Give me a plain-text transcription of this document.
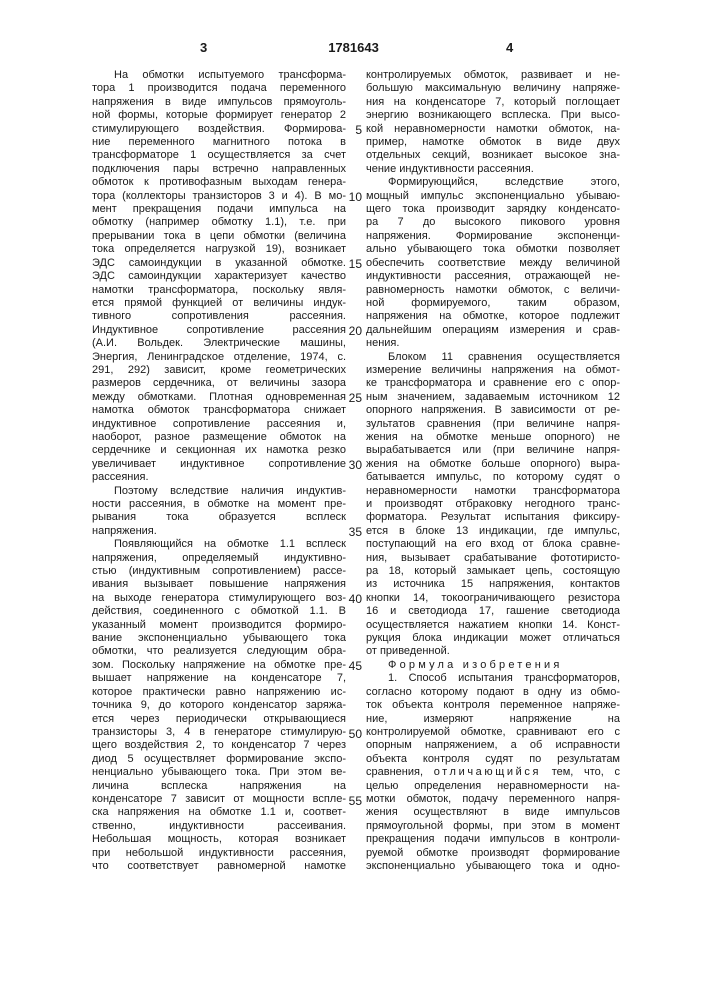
3	1781643	4
На обмотки испытуемого трансформа-
тора 1 производится подача переменного
напряжения в виде импульсов прямоуголь-
ной формы, которые формирует генератор 2
стимулирующего воздействия. Формирова-
ние переменного магнитного потока в
трансформаторе 1 осуществляется за счет
подключения пары встречно направленных
обмоток к противофазным выходам генера-
тора (коллекторы транзисторов 3 и 4). В мо-
мент прекращения подачи импульса на
обмотку (например обмотку 1.1), т.е. при
прерывании тока в цепи обмотки (величина
тока определяется нагрузкой 19), возникает
ЭДС самоиндукции в указанной обмотке.
ЭДС самоиндукции характеризует качество
намотки трансформатора, поскольку явля-
ется прямой функцией от величины индук-
тивного сопротивления рассеяния.
Индуктивное сопротивление рассеяния
(А.И. Вольдек. Электрические машины,
Энергия, Ленинградское отделение, 1974, с.
291, 292) зависит, кроме геометрических
размеров сердечника, от величины зазора
между обмотками. Плотная одновременная
намотка обмоток трансформатора снижает
индуктивное сопротивление рассеяния и,
наоборот, разное размещение обмоток на
сердечнике и секционная их намотка резко
увеличивает индуктивное сопротивление
рассеяния.
Поэтому вследствие наличия индуктив-
ности рассеяния, в обмотке на момент пре-
рывания тока образуется всплеск
напряжения.
Появляющийся на обмотке 1.1 всплеск
напряжения, определяемый индуктивно-
стью (индуктивным сопротивлением) рассе-
ивания вызывает повышение напряжения
на выходе генератора стимулирующего воз-
действия, соединенного с обмоткой 1.1. В
указанный момент производится формиро-
вание экспоненциально убывающего тока
обмотки, что реализуется следующим обра-
зом. Поскольку напряжение на обмотке пре-
вышает напряжение на конденсаторе 7,
которое практически равно напряжению ис-
точника 9, до которого конденсатор заряжа-
ется через периодически открывающиеся
транзисторы 3, 4 в генераторе стимулирую-
щего воздействия 2, то конденсатор 7 через
диод 5 осуществляет формирование экспо-
ненциально убывающего тока. При этом ве-
личина всплеска напряжения на
конденсаторе 7 зависит от мощности вспле-
ска напряжения на обмотке 1.1 и, соответ-
ственно, индуктивности рассеивания.
Небольшая мощность, которая возникает
при небольшой индуктивности рассеяния,
что соответствует равномерной намотке
5
10
15
20
25
30
35
40
45
50
55
контролируемых обмоток, развивает и не-
большую максимальную величину напряже-
ния на конденсаторе 7, который поглощает
энергию возникающего всплеска. При высо-
кой неравномерности намотки обмоток, на-
пример, намотке обмоток в виде двух
отдельных секций, возникает высокое зна-
чение индуктивности рассеяния.
Формирующийся, вследствие этого,
мощный импульс экспоненциально убываю-
щего тока производит зарядку конденсато-
ра 7 до высокого пикового уровня
напряжения. Формирование экспоненци-
ально убывающего тока обмотки позволяет
обеспечить соответствие между величиной
индуктивности рассеяния, отражающей не-
равномерность намотки обмоток, с величи-
ной формируемого, таким образом,
напряжения на обмотке, которое подлежит
дальнейшим операциям измерения и срав-
нения.
Блоком 11 сравнения осуществляется
измерение величины напряжения на обмот-
ке трансформатора и сравнение его с опор-
ным значением, задаваемым источником 12
опорного напряжения. В зависимости от ре-
зультатов сравнения (при величине напря-
жения на обмотке меньше опорного) не
вырабатывается или (при величине напря-
жения на обмотке больше опорного) выра-
батывается импульс, по которому судят о
неравномерности намотки трансформатора
и производят отбраковку негодного транс-
форматора. Результат испытания фиксиру-
ется в блоке 13 индикации, где импульс,
поступающий на его вход от блока сравне-
ния, вызывает срабатывание фототиристо-
ра 18, который замыкает цепь, состоящую
из источника 15 напряжения, контактов
кнопки 14, токоограничивающего резистора
16 и светодиода 17, гашение светодиода
осуществляется нажатием кнопки 14. Конст-
рукция блока индикации может отличаться
от приведенной.
Формула изобретения
1. Способ испытания трансформаторов,
согласно которому подают в одну из обмо-
ток объекта контроля переменное напряже-
ние, измеряют напряжение на
контролируемой обмотке, сравнивают его с
опорным напряжением, а об исправности
объекта контроля судят по результатам
сравнения, отличающийся тем, что, с
целью определения неравномерности на-
мотки обмоток, подачу переменного напря-
жения осуществляют в виде импульсов
прямоугольной формы, при этом в момент
прекращения подачи импульсов в контроли-
руемой обмотке производят формирование
экспоненциально убывающего тока и одно-
